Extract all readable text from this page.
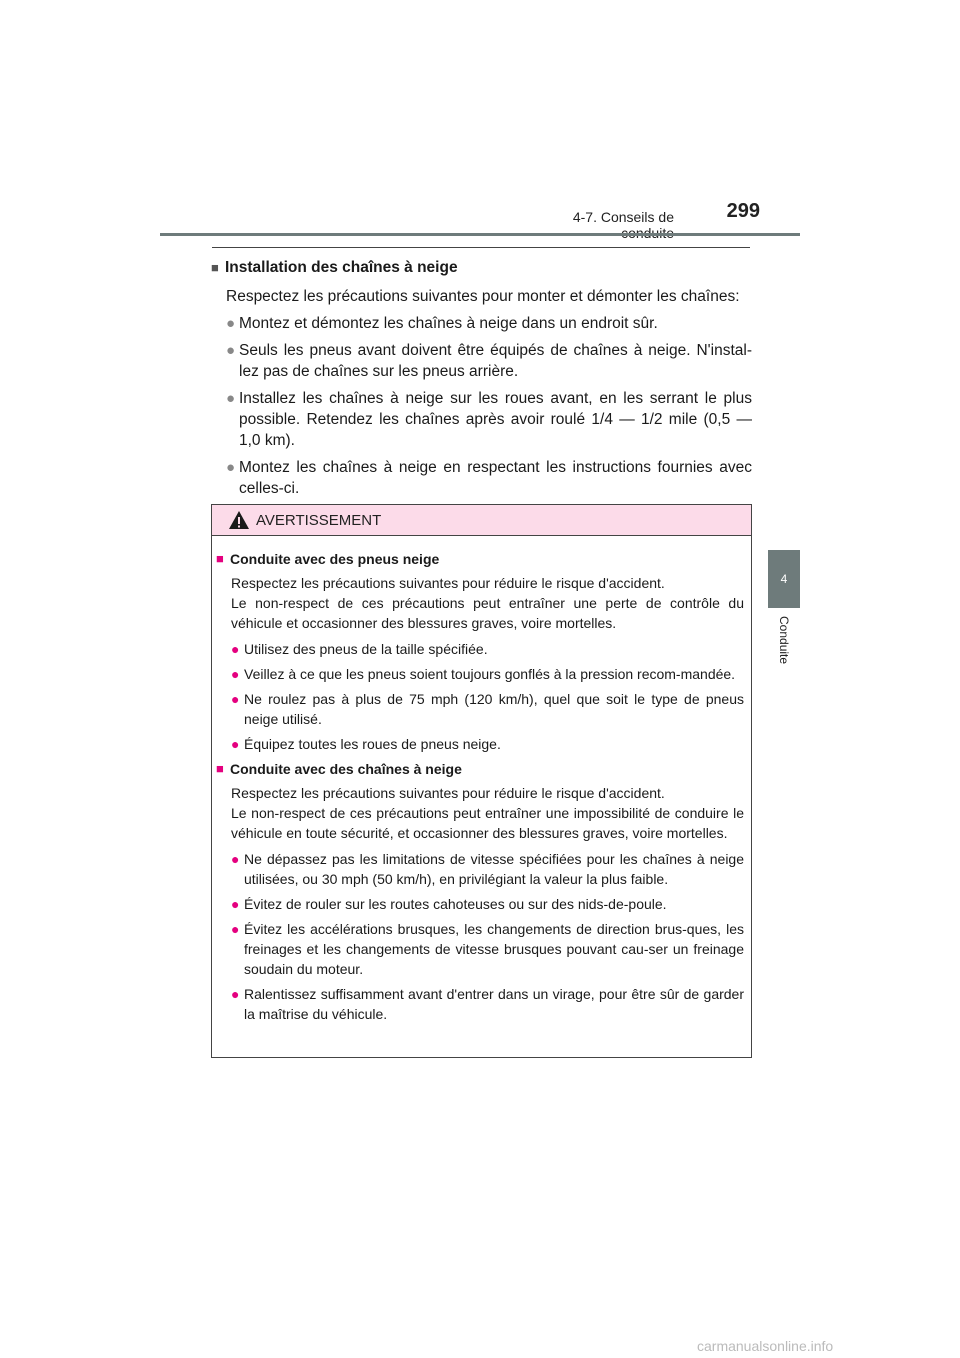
4-7. Conseils de	299
4
Conduite
■ Installation des chaînes à neige
Respectez les précautions suivantes pour monter et démonter les chaînes:
● Montez et démontez les chaînes à neige dans un endroit sûr.
● Seuls les pneus avant doivent être équipés de chaînes à neige. N'instal-lez pas de chaînes sur les pneus arrière.
● Installez les chaînes à neige sur les roues avant, en les serrant le plus possible. Retendez les chaînes après avoir roulé 1/4 — 1/2 mile (0,5 — 1,0 km).
● Montez les chaînes à neige en respectant les instructions fournies avec celles-ci.
AVERTISSEMENT
■ Conduite avec des pneus neige
Respectez les précautions suivantes pour réduire le risque d'accident.
Le non-respect de ces précautions peut entraîner une perte de contrôle du véhicule et occasionner des blessures graves, voire mortelles.
● Utilisez des pneus de la taille spécifiée.
● Veillez à ce que les pneus soient toujours gonflés à la pression recom-mandée.
● Ne roulez pas à plus de 75 mph (120 km/h), quel que soit le type de pneus neige utilisé.
● Équipez toutes les roues de pneus neige.
■ Conduite avec des chaînes à neige
Respectez les précautions suivantes pour réduire le risque d'accident.
Le non-respect de ces précautions peut entraîner une impossibilité de conduire le véhicule en toute sécurité, et occasionner des blessures graves, voire mortelles.
● Ne dépassez pas les limitations de vitesse spécifiées pour les chaînes à neige utilisées, ou 30 mph (50 km/h), en privilégiant la valeur la plus faible.
● Évitez de rouler sur les routes cahoteuses ou sur des nids-de-poule.
● Évitez les accélérations brusques, les changements de direction brus-ques, les freinages et les changements de vitesse brusques pouvant cau-ser un freinage soudain du moteur.
● Ralentissez suffisamment avant d'entrer dans un virage, pour être sûr de garder la maîtrise du véhicule.
carmanualsonline.info
